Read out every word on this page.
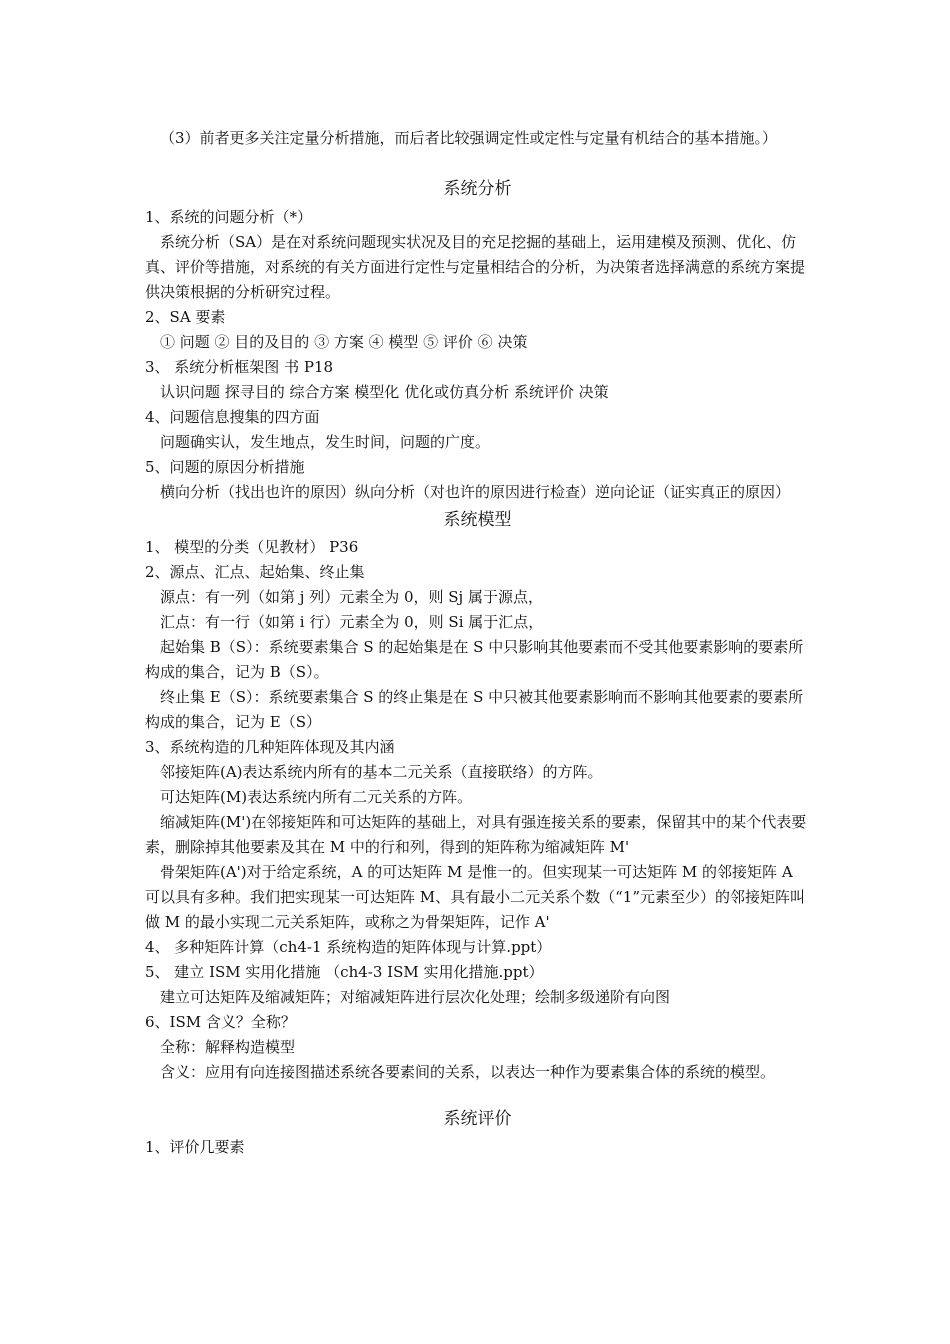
（3）前者更多关注定量分析措施，而后者比较强调定性或定性与定量有机结合的基本措施。）

系统分析

1、系统的问题分析（*）

系统分析（SA）是在对系统问题现实状况及目的充足挖掘的基础上，运用建模及预测、优化、仿真、评价等措施，对系统的有关方面进行定性与定量相结合的分析，为决策者选择满意的系统方案提供决策根据的分析研究过程。

2、SA 要素

① 问题 ② 目的及目的 ③ 方案 ④ 模型 ⑤ 评价 ⑥ 决策

3、 系统分析框架图 书 P18

认识问题 探寻目的 综合方案 模型化 优化或仿真分析 系统评价 决策

4、问题信息搜集的四方面

问题确实认，发生地点，发生时间，问题的广度。

5、问题的原因分析措施

横向分析（找出也许的原因）纵向分析（对也许的原因进行检查）逆向论证（证实真正的原因）

系统模型

1、 模型的分类（见教材） P36

2、源点、汇点、起始集、终止集

源点：有一列（如第 j 列）元素全为 0，则 Sj 属于源点，

汇点：有一行（如第 i 行）元素全为 0，则 Si 属于汇点，

起始集 B（S）：系统要素集合 S 的起始集是在 S 中只影响其他要素而不受其他要素影响的要素所构成的集合，记为 B（S）。

终止集 E（S）：系统要素集合 S 的终止集是在 S 中只被其他要素影响而不影响其他要素的要素所构成的集合，记为 E（S）

3、系统构造的几种矩阵体现及其内涵

邻接矩阵(A)表达系统内所有的基本二元关系（直接联络）的方阵。

可达矩阵(M)表达系统内所有二元关系的方阵。

缩减矩阵(M')在邻接矩阵和可达矩阵的基础上，对具有强连接关系的要素，保留其中的某个代表要素，删除掉其他要素及其在 M 中的行和列，得到的矩阵称为缩减矩阵 M'

骨架矩阵(A')对于给定系统，A 的可达矩阵 M 是惟一的。但实现某一可达矩阵 M 的邻接矩阵 A 可以具有多种。我们把实现某一可达矩阵 M、具有最小二元关系个数（“1”元素至少）的邻接矩阵叫做 M 的最小实现二元关系矩阵，或称之为骨架矩阵，记作 A'

4、 多种矩阵计算（ch4-1 系统构造的矩阵体现与计算.ppt）

5、 建立 ISM 实用化措施 （ch4-3 ISM 实用化措施.ppt）

建立可达矩阵及缩减矩阵；对缩减矩阵进行层次化处理；绘制多级递阶有向图

6、ISM 含义？全称？

全称：解释构造模型

含义：应用有向连接图描述系统各要素间的关系，以表达一种作为要素集合体的系统的模型。

系统评价

1、评价几要素
